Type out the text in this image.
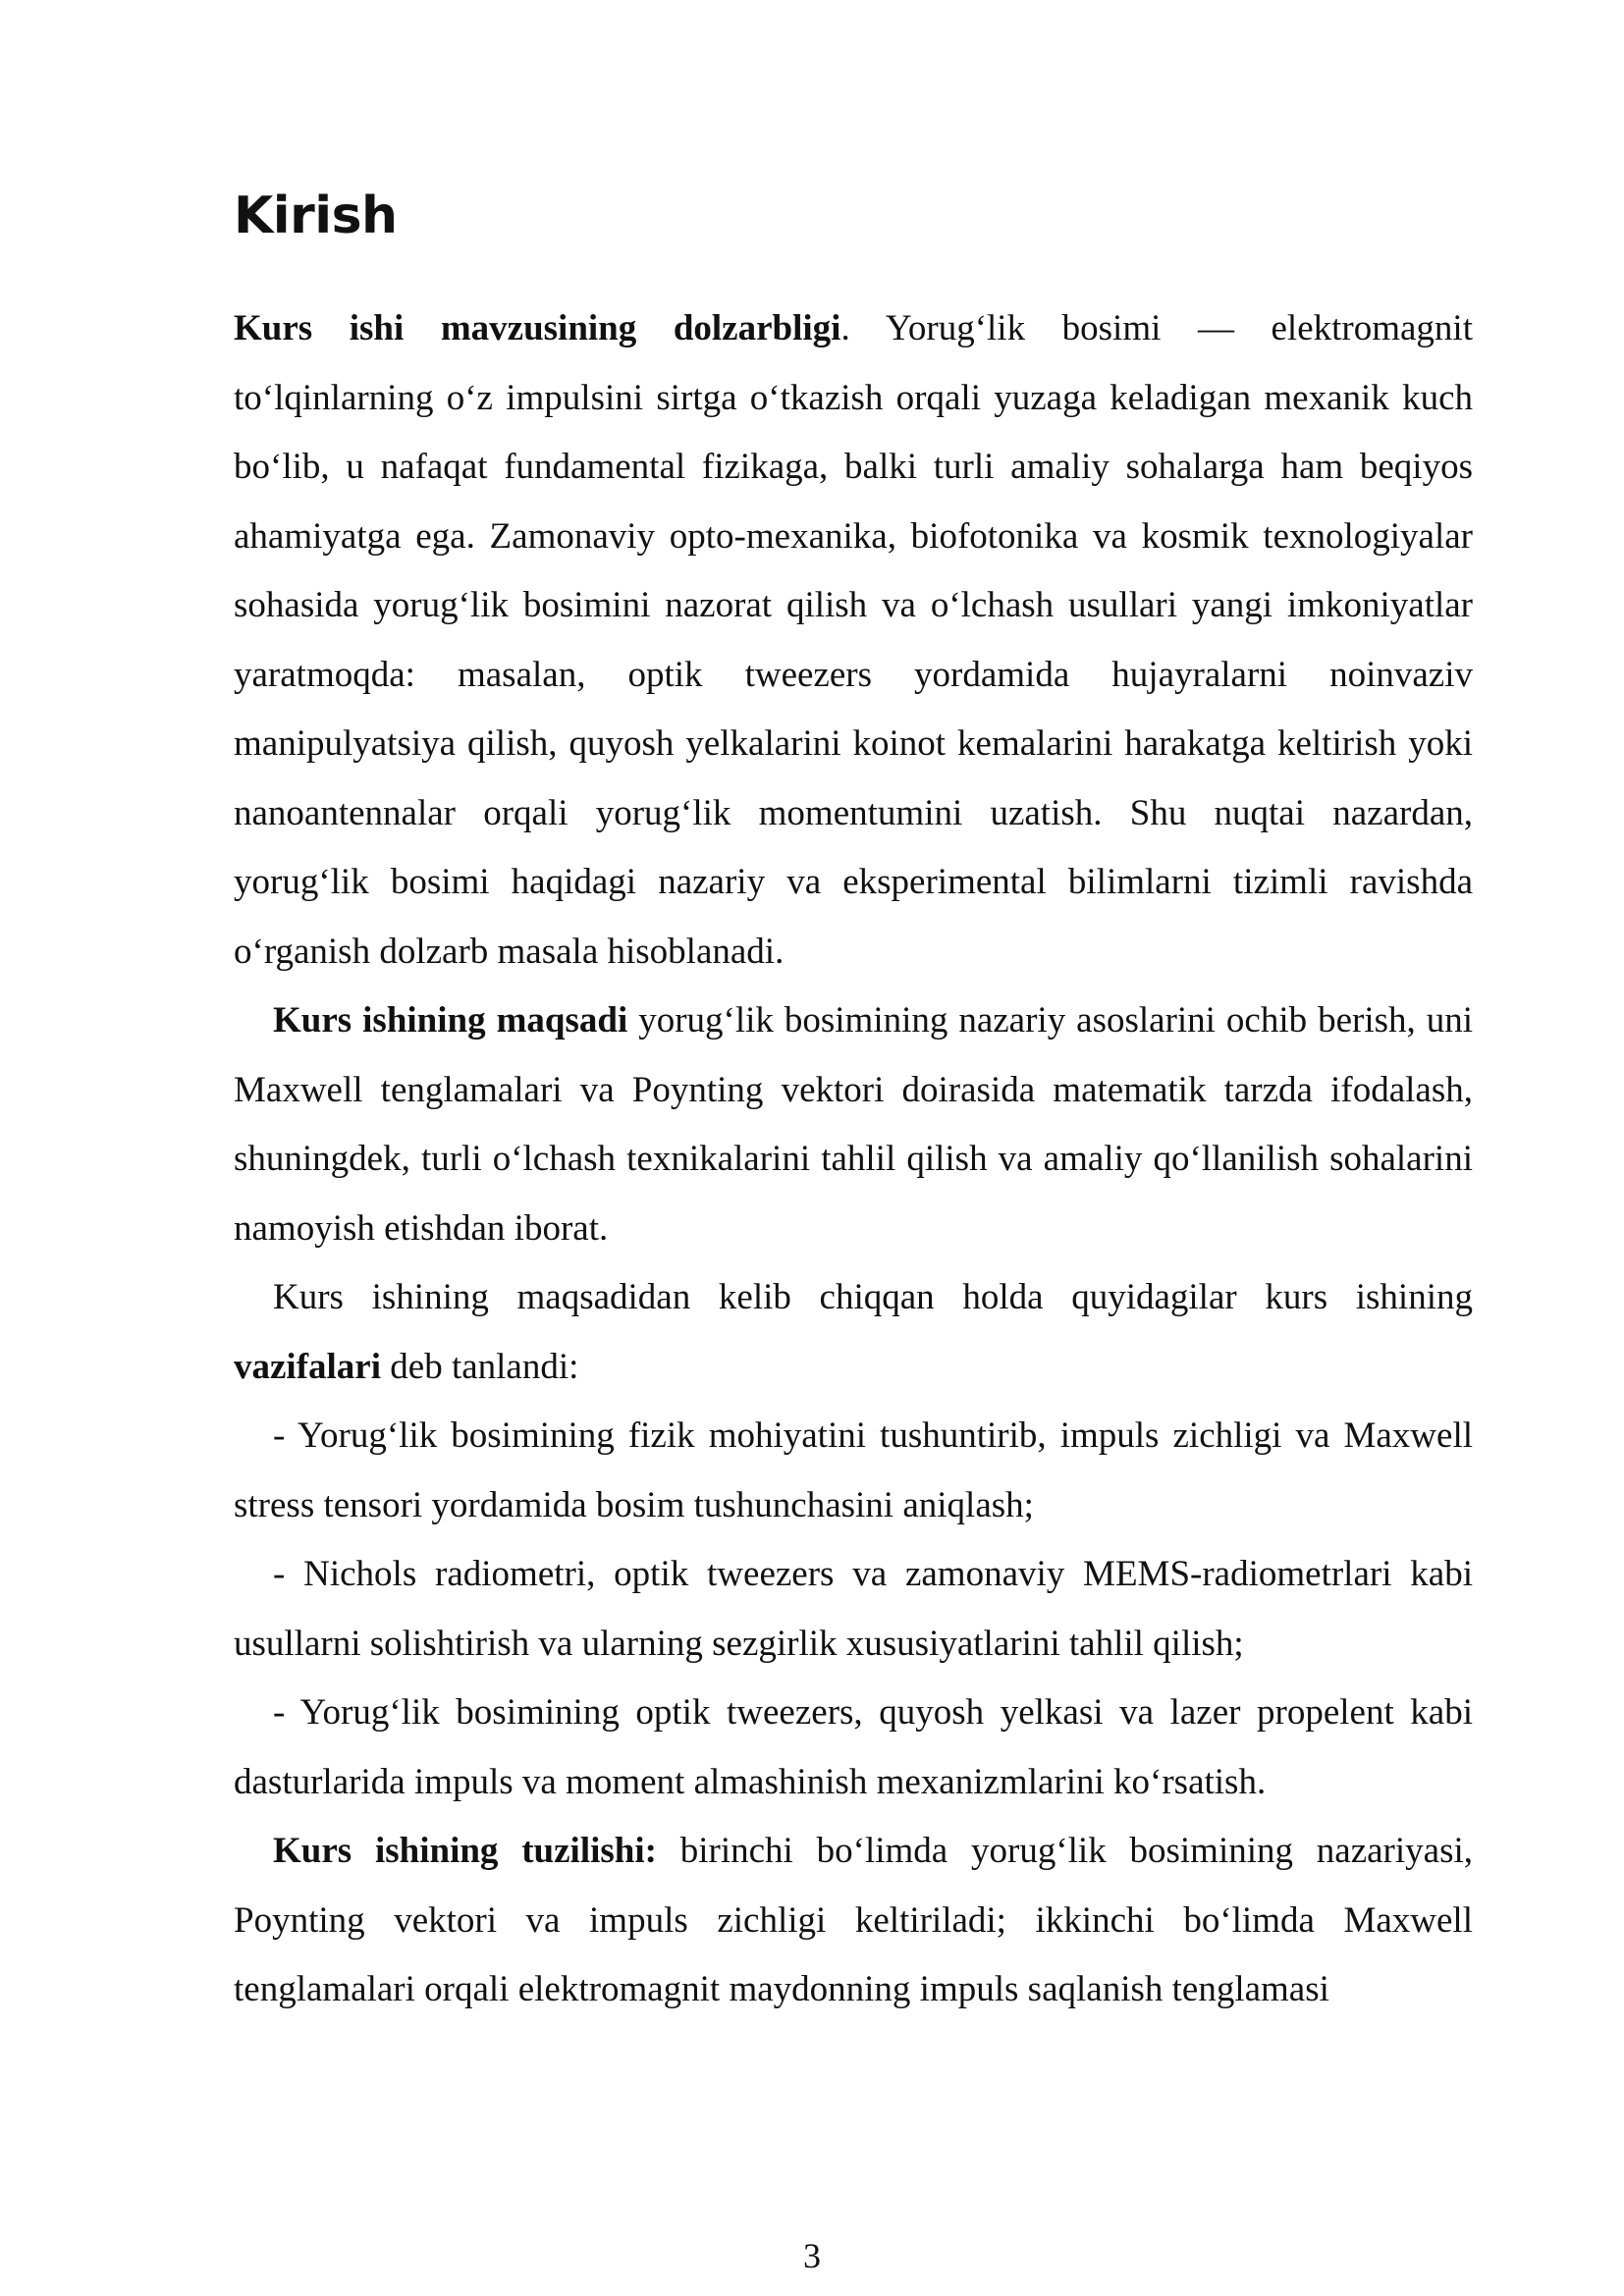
Kirish

Kurs ishi mavzusining dolzarbligi. Yorug‘lik bosimi — elektromagnit to‘lqinlarning o‘z impulsini sirtga o‘tkazish orqali yuzaga keladigan mexanik kuch bo‘lib, u nafaqat fundamental fizikaga, balki turli amaliy sohalarga ham beqiyos ahamiyatga ega. Zamonaviy opto-mexanika, biofotonika va kosmik texnologiyalar sohasida yorug‘lik bosimini nazorat qilish va o‘lchash usullari yangi imkoniyatlar yaratmoqda: masalan, optik tweezers yordamida hujayralarni noinvaziv manipulyatsiya qilish, quyosh yelkalarini koinot kemalarini harakatga keltirish yoki nanoantennalar orqali yorug‘lik momentumini uzatish. Shu nuqtai nazardan, yorug‘lik bosimi haqidagi nazariy va eksperimental bilimlarni tizimli ravishda o‘rganish dolzarb masala hisoblanadi.

Kurs ishining maqsadi yorug‘lik bosimining nazariy asoslarini ochib berish, uni Maxwell tenglamalari va Poynting vektori doirasida matematik tarzda ifodalash, shuningdek, turli o‘lchash texnikalarini tahlil qilish va amaliy qo‘llanilish sohalarini namoyish etishdan iborat.

Kurs ishining maqsadidan kelib chiqqan holda quyidagilar kurs ishining vazifalari deb tanlandi:

- Yorug‘lik bosimining fizik mohiyatini tushuntirib, impuls zichligi va Maxwell stress tensori yordamida bosim tushunchasini aniqlash;

- Nichols radiometri, optik tweezers va zamonaviy MEMS-radiometrlari kabi usullarni solishtirish va ularning sezgirlik xususiyatlarini tahlil qilish;

- Yorug‘lik bosimining optik tweezers, quyosh yelkasi va lazer propelent kabi dasturlarida impuls va moment almashinish mexanizmlarini ko‘rsatish.

Kurs ishining tuzilishi: birinchi bo‘limda yorug‘lik bosimining nazariyasi, Poynting vektori va impuls zichligi keltiriladi; ikkinchi bo‘limda Maxwell tenglamalari orqali elektromagnit maydonning impuls saqlanish tenglamasi

3
